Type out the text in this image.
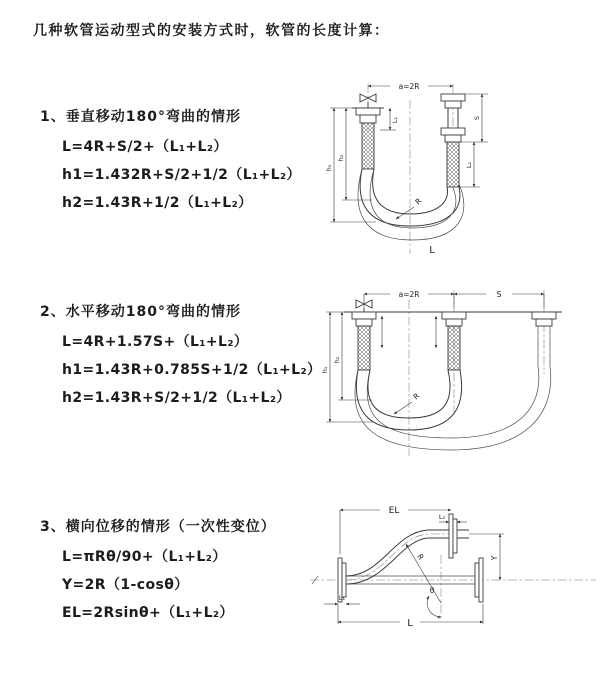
几种软管运动型式的安装方式时，软管的长度计算：
1、垂直移动180°弯曲的情形
L=4R+S/2+（L₁+L₂）
h1=1.432R+S/2+1/2（L₁+L₂）
h2=1.43R+1/2（L₁+L₂）
2、水平移动180°弯曲的情形
L=4R+1.57S+（L₁+L₂）
h1=1.43R+0.785S+1/2（L₁+L₂）
h2=1.43R+S/2+1/2（L₁+L₂）
3、横向位移的情形（一次性变位）
L=πRθ/90+（L₁+L₂）
Y=2R（1-cosθ）
EL=2Rsinθ+（L₁+L₂）
a=2R
R
L
h₁
h₂
L₁	S
L₂
a=2R	S
R
h₁
h₂
EL
L₂
Y
R
θ
L
L₁
